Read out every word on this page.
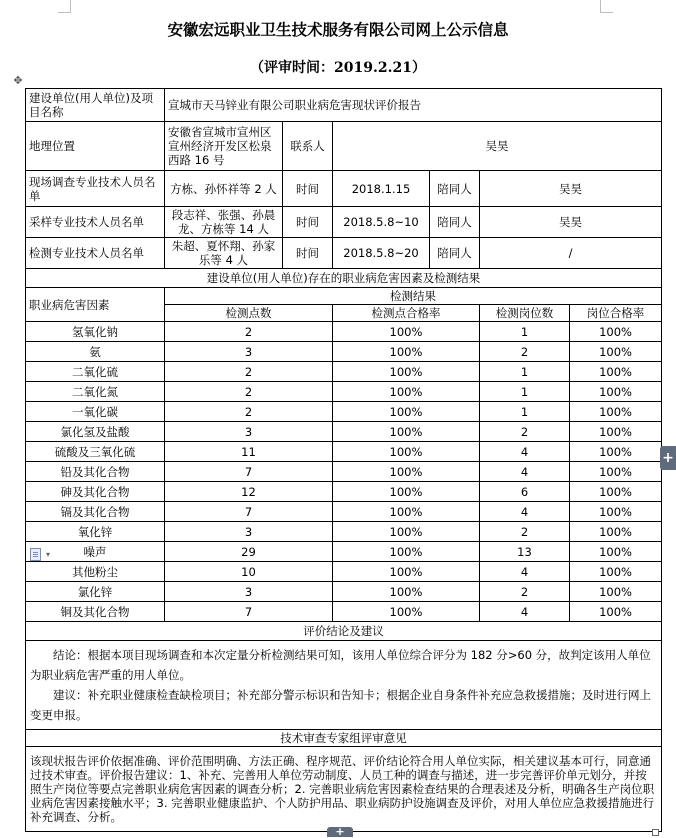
安徽宏远职业卫生技术服务有限公司网上公示信息
（评审时间：2019.2.21）
✥
建设单位(用人单位)及项目名称	宣城市天马锌业有限公司职业病危害现状评价报告					
地理位置	安徽省宣城市宣州区宣州经济开发区松泉西路 16 号	联系人	吴昊			
现场调查专业技术人员名单	方栋、孙怀祥等 2 人	时间	2018.1.15	陪同人	吴昊	
采样专业技术人员名单	段志祥、张强、孙晨龙、方栋等 14 人	时间	2018.5.8~10	陪同人	吴昊	
检测专业技术人员名单	朱超、夏怀翔、孙家乐等 4 人	时间	2018.5.8~20	陪同人	/	
建设单位(用人单位)存在的职业病危害因素及检测结果						
职业病危害因素	检测结果					
	检测点数		检测点合格率		检测岗位数	岗位合格率
氢氧化钠	2		100%		1	100%
氨	3		100%		2	100%
二氧化硫	2		100%		1	100%
二氧化氮	2		100%		1	100%
一氧化碳	2		100%		1	100%
氯化氢及盐酸	3		100%		2	100%
硫酸及三氧化硫	11		100%		4	100%
铅及其化合物	7		100%		4	100%
砷及其化合物	12		100%		6	100%
镉及其化合物	7		100%		4	100%
氧化锌	3		100%		2	100%
噪声	29		100%		13	100%
其他粉尘	10		100%		4	100%
氯化锌	3		100%		2	100%
铜及其化合物	7		100%		4	100%
评价结论及建议						

结论：根据本项目现场调查和本次定量分析检测结果可知，该用人单位综合评分为 182 分>60 分，故判定该用人单位为职业病危害严重的用人单位。
建议：补充职业健康检查缺检项目；补充部分警示标识和告知卡；根据企业自身条件补充应急救援措施；及时进行网上变更申报。						

技术审查专家组评审意见						
该现状报告评价依据准确、评价范围明确、方法正确、程序规范、评价结论符合用人单位实际，相关建议基本可行，同意通过技术审查。评价报告建议：1、补充、完善用人单位劳动制度、人员工种的调查与描述，进一步完善评价单元划分，并按照生产岗位等要点完善职业病危害因素的调查分析；2. 完善职业病危害因素检查结果的合理表述及分析，明确各生产岗位职业病危害因素接触水平；3. 完善职业健康监护、个人防护用品、职业病防护设施调查及评价，对用人单位应急救援措施进行补充调查、分析。						
▾
+
+
